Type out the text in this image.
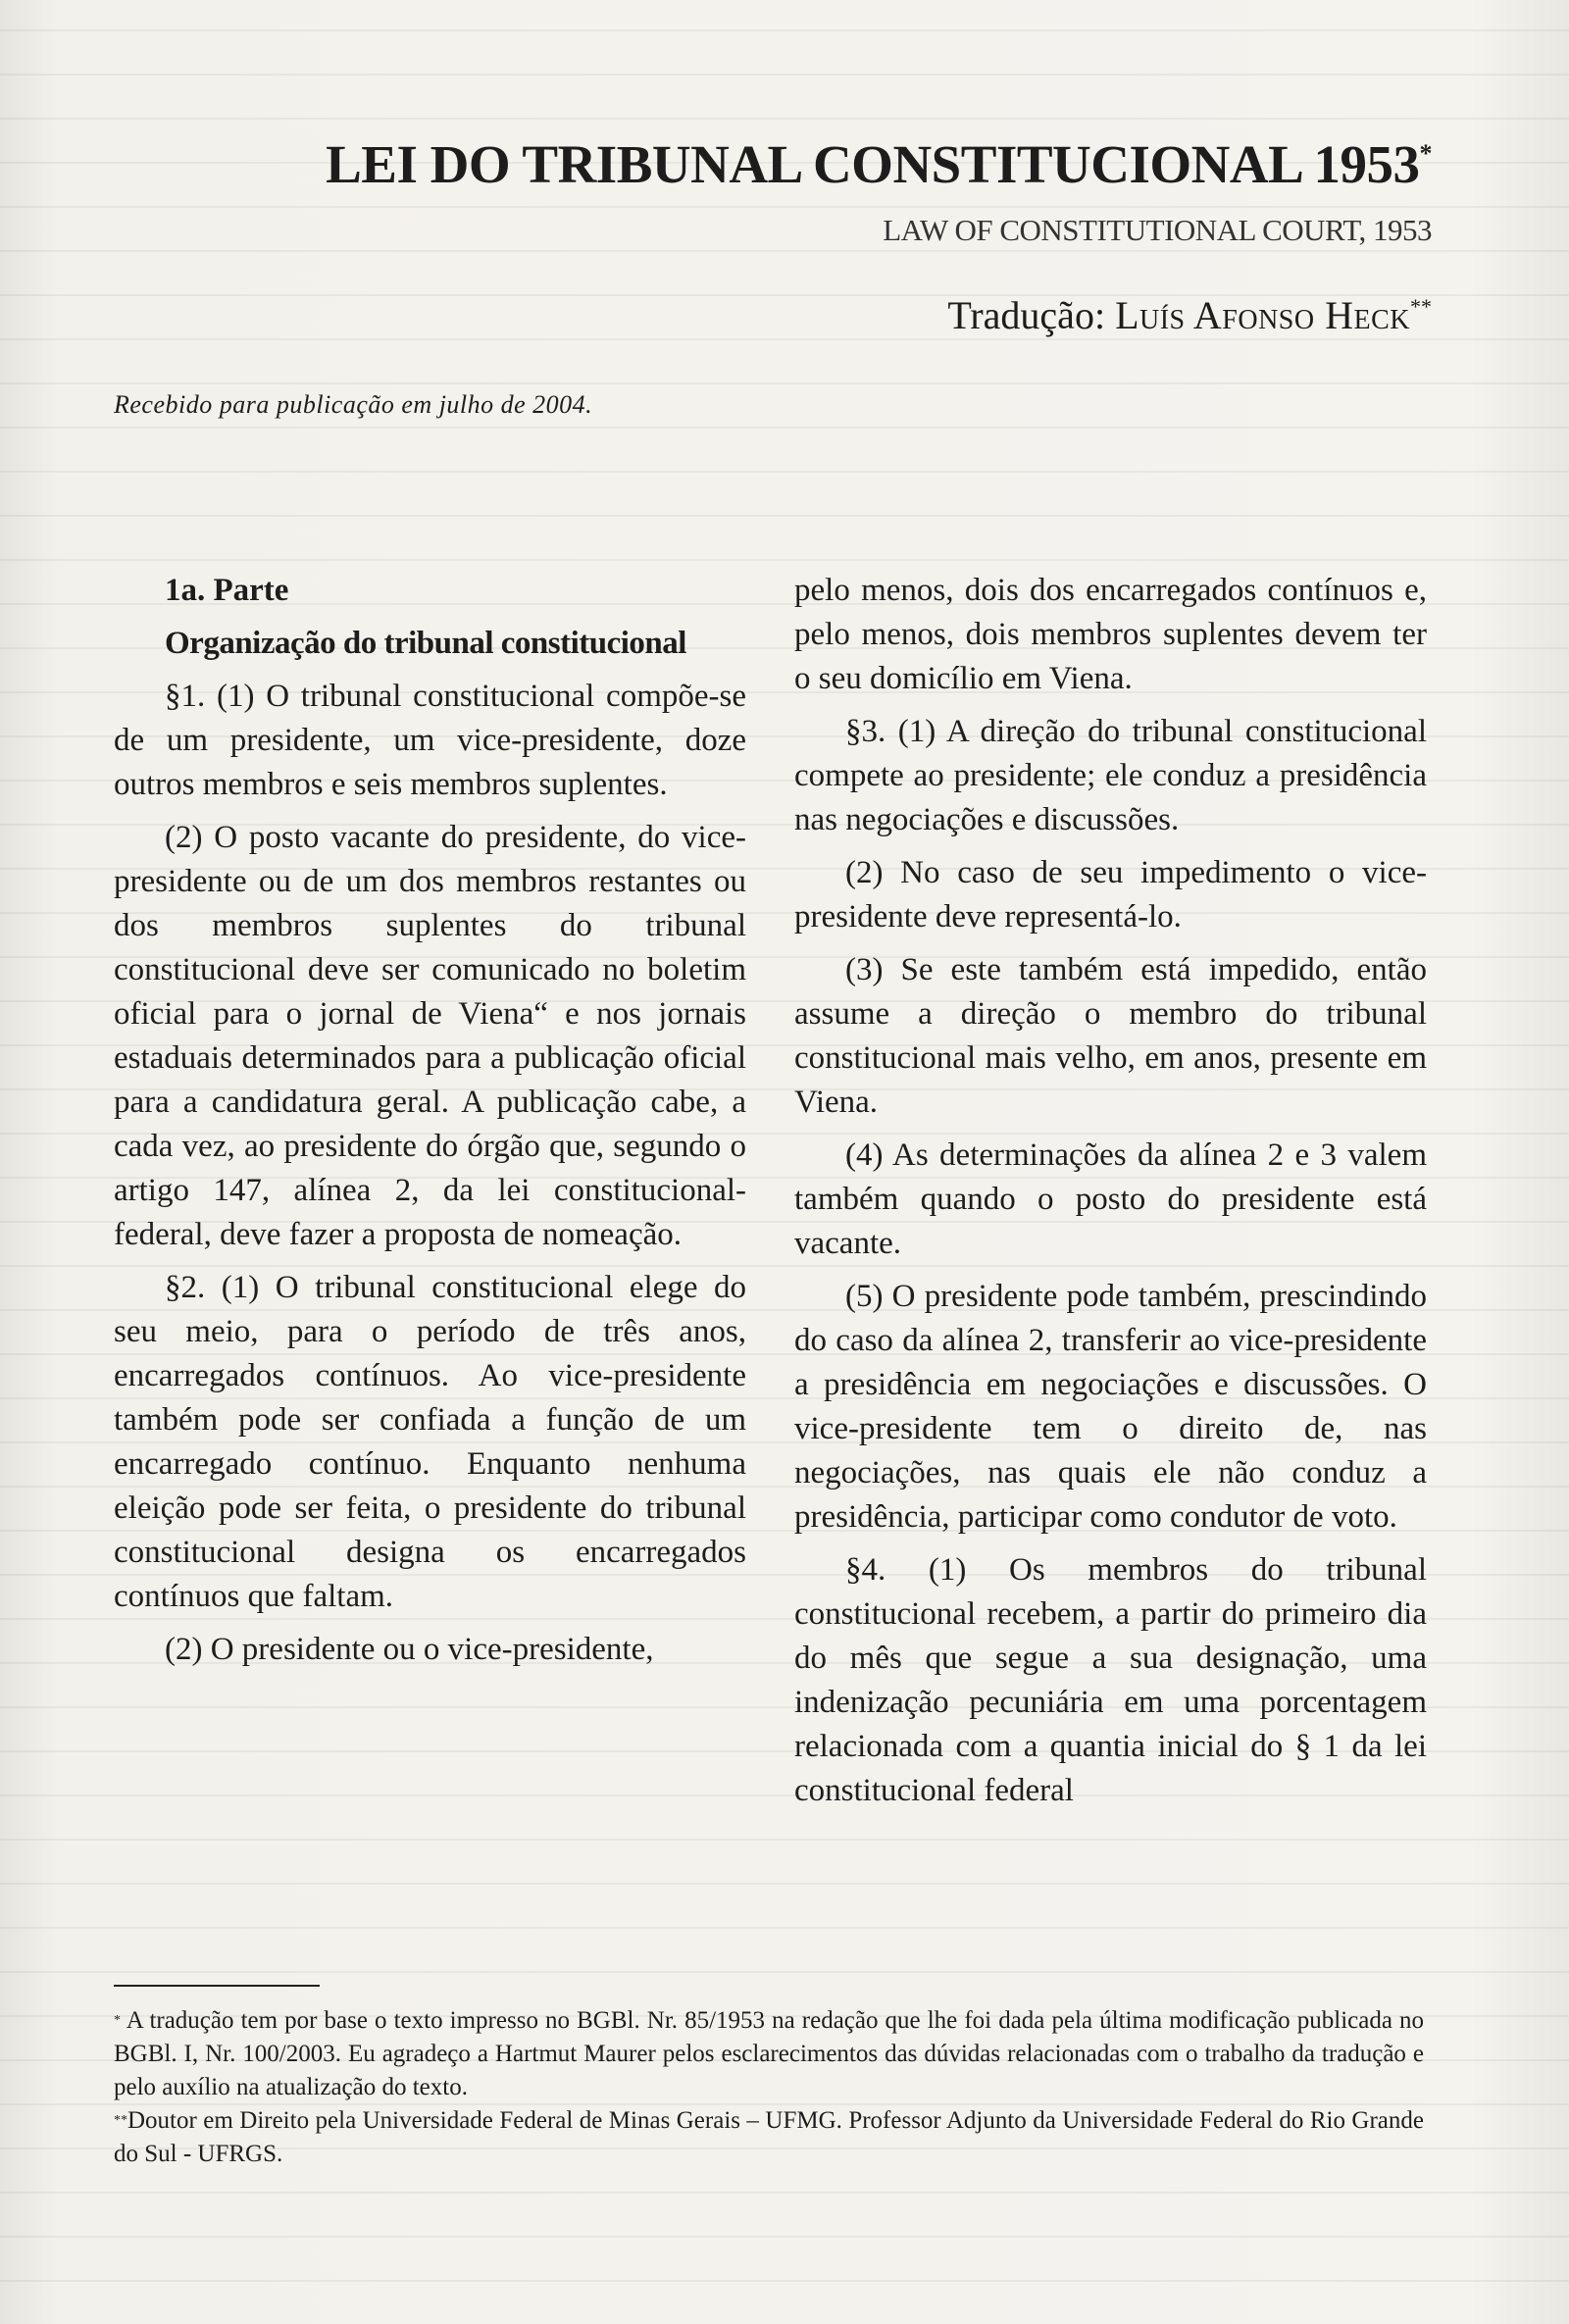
LEI DO TRIBUNAL CONSTITUCIONAL 1953*
LAW OF CONSTITUTIONAL COURT, 1953
Tradução: Luís Afonso Heck**
Recebido para publicação em julho de 2004.

1a. Parte

Organização do tribunal constitucional

§1. (1) O tribunal constitucional compõe-se de um presidente, um vice-presidente, doze outros membros e seis membros suplentes.

(2) O posto vacante do presidente, do vice-presidente ou de um dos membros restantes ou dos membros suplentes do tribunal constitucional deve ser comunicado no boletim oficial para o jornal de Viena“ e nos jornais estaduais determinados para a publicação oficial para a candidatura geral. A publicação cabe, a cada vez, ao presidente do órgão que, segundo o artigo 147, alínea 2, da lei constitucional-federal, deve fazer a proposta de nomeação.

§2. (1) O tribunal constitucional elege do seu meio, para o período de três anos, encarregados contínuos. Ao vice-presidente também pode ser confiada a função de um encarregado contínuo. Enquanto nenhuma eleição pode ser feita, o presidente do tribunal constitucional designa os encarregados contínuos que faltam.

(2) O presidente ou o vice-presidente,

pelo menos, dois dos encarregados contínuos e, pelo menos, dois membros suplentes devem ter o seu domicílio em Viena.

§3. (1) A direção do tribunal constitucional compete ao presidente; ele conduz a presidência nas negociações e discussões.

(2) No caso de seu impedimento o vice-presidente deve representá-lo.

(3) Se este também está impedido, então assume a direção o membro do tribunal constitucional mais velho, em anos, presente em Viena.

(4) As determinações da alínea 2 e 3 valem também quando o posto do presidente está vacante.

(5) O presidente pode também, prescindindo do caso da alínea 2, transferir ao vice-presidente a presidência em negociações e discussões. O vice-presidente tem o direito de, nas negociações, nas quais ele não conduz a presidência, participar como condutor de voto.

§4. (1) Os membros do tribunal constitucional recebem, a partir do primeiro dia do mês que segue a sua designação, uma indenização pecuniária em uma porcentagem relacionada com a quantia inicial do § 1 da lei constitucional federal

* A tradução tem por base o texto impresso no BGBl. Nr. 85/1953 na redação que lhe foi dada pela última modificação publicada no BGBl. I, Nr. 100/2003. Eu agradeço a Hartmut Maurer pelos esclarecimentos das dúvidas relacionadas com o trabalho da tradução e pelo auxílio na atualização do texto.

**Doutor em Direito pela Universidade Federal de Minas Gerais – UFMG. Professor Adjunto da Universidade Federal do Rio Grande do Sul - UFRGS.
